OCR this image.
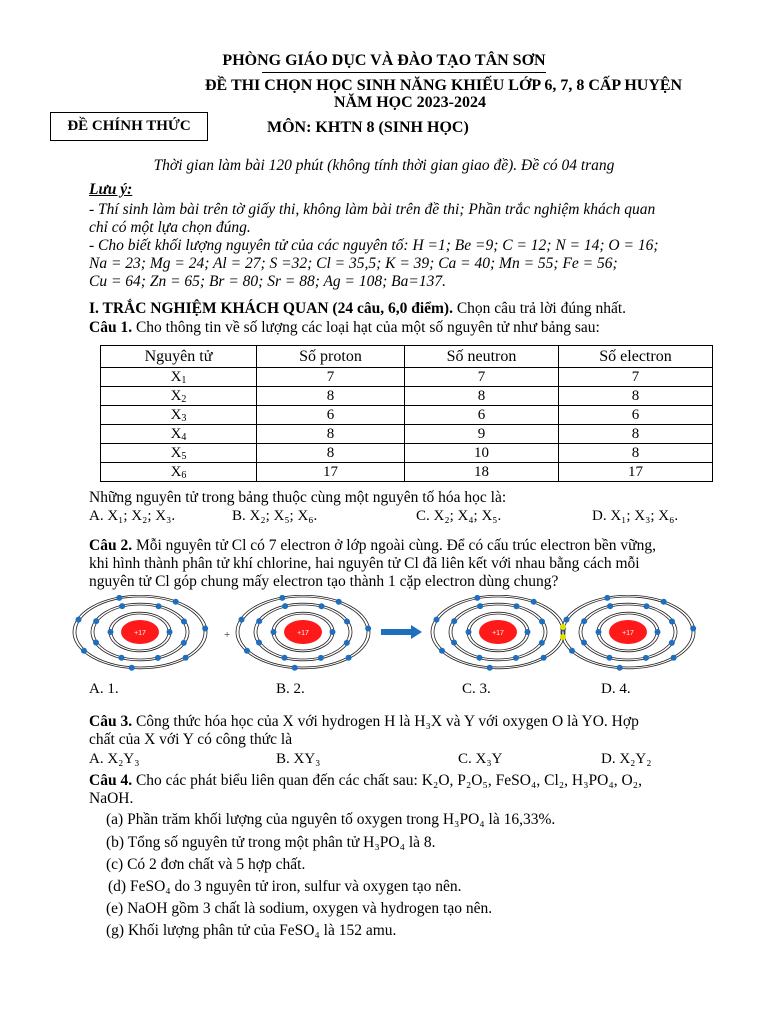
PHÒNG GIÁO DỤC VÀ ĐÀO TẠO TÂN SƠN
ĐỀ THI CHỌN HỌC SINH NĂNG KHIẾU LỚP 6, 7, 8 CẤP HUYỆN
NĂM HỌC 2023-2024
ĐỀ CHÍNH THỨC	MÔN: KHTN 8 (SINH HỌC)
Thời gian làm bài 120 phút (không tính thời gian giao đề). Đề có 04 trang
Lưu ý:
- Thí sinh làm bài trên tờ giấy thi, không làm bài trên đề thi; Phần trắc nghiệm khách quan
chỉ có một lựa chọn đúng.
- Cho biết khối lượng nguyên tử của các nguyên tố: H =1; Be =9; C = 12; N = 14; O = 16;
Na = 23; Mg = 24; Al = 27; S =32; Cl = 35,5; K = 39; Ca = 40; Mn = 55; Fe = 56;
Cu = 64; Zn = 65; Br = 80; Sr = 88; Ag = 108; Ba=137.
I. TRẮC NGHIỆM KHÁCH QUAN (24 câu, 6,0 điểm). Chọn câu trả lời đúng nhất.
Câu 1. Cho thông tin về số lượng các loại hạt của một số nguyên tử như bảng sau:
Nguyên tử	Số proton	Số neutron	Số electron
$X_1$	7	7	7
$X_2$	8	8	8
$X_3$	6	6	6
$X_4$	8	9	8
$X_5$	8	10	8
$X_6$	17	18	17
Những nguyên tử trong bảng thuộc cùng một nguyên tố hóa học là:
A. X₁; X₂; X₃.	B. X₂; X₅; X₆.	C. X₂; X₄; X₅.	D. X₁; X₃; X₆.
Câu 2. Mỗi nguyên tử Cl có 7 electron ở lớp ngoài cùng. Để có cấu trúc electron bền vững,
khi hình thành phân tử khí chlorine, hai nguyên tử Cl đã liên kết với nhau bằng cách mỗi
nguyên tử Cl góp chung mấy electron tạo thành 1 cặp electron dùng chung?
+17	+17	+17	+17
+
A. 1.	B. 2.	C. 3.	D. 4.
Câu 3. Công thức hóa học của X với hydrogen H là H₃X và Y với oxygen O là YO. Hợp
chất của X với Y có công thức là
A. X₂Y₃	B. XY₃	C. X₃Y	D. X₂Y₂
Câu 4. Cho các phát biểu liên quan đến các chất sau: K₂O, P₂O₅, FeSO₄, Cl₂, H₃PO₄, O₂,
NaOH.
(a) Phần trăm khối lượng của nguyên tố oxygen trong H₃PO₄ là 16,33%.
(b) Tổng số nguyên tử trong một phân tử H₃PO₄ là 8.
(c) Có 2 đơn chất và 5 hợp chất.
(d) FeSO₄ do 3 nguyên tử iron, sulfur và oxygen tạo nên.
(e) NaOH gồm 3 chất là sodium, oxygen và hydrogen tạo nên.
(g) Khối lượng phân tử của FeSO₄ là 152 amu.
